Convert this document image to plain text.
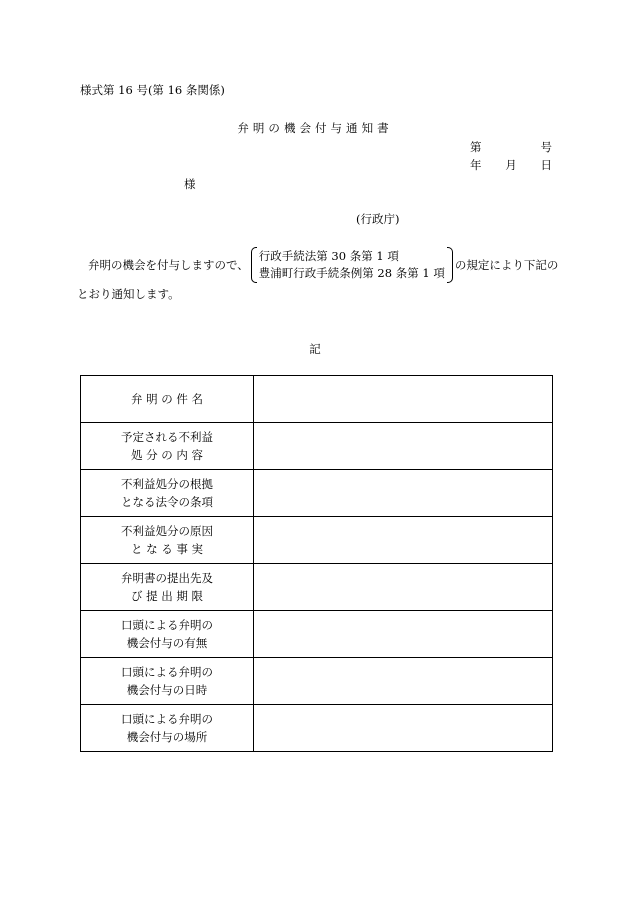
様式第 16 号(第 16 条関係)
弁明の機会付与通知書
第	号
年 月 日
様
(行政庁)
弁明の機会を付与しますので、
行政手続法第 30 条第 1 項
豊浦町行政手続条例第 28 条第 1 項
の規定により下記の
とおり通知します。
記
弁 明 の 件 名	

予定される不利益
処 分 の 内 容	

不利益処分の根拠
となる法令の条項	

不利益処分の原因
と な る 事 実	

弁明書の提出先及
び 提 出 期 限	

口頭による弁明の
機会付与の有無	

口頭による弁明の
機会付与の日時	

口頭による弁明の
機会付与の場所	
